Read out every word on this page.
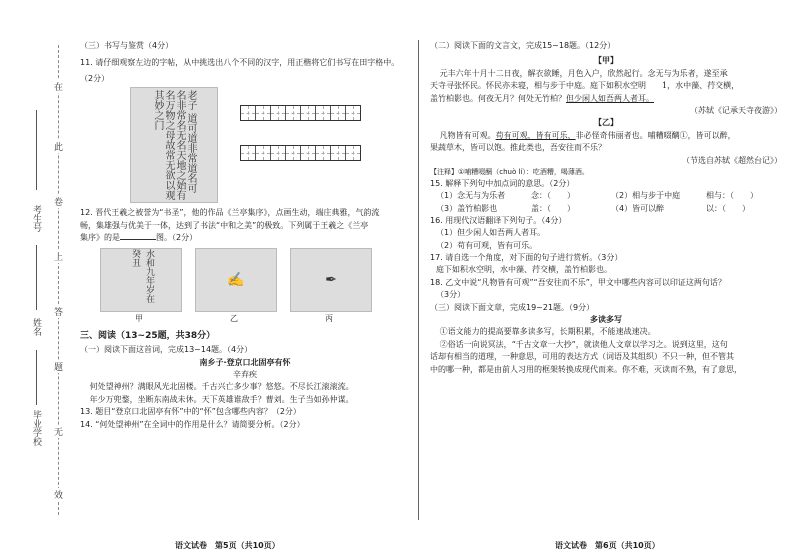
在
此
卷
上
答
题
无
效
考生号
姓名
毕业学校

（三）书写与鉴赏（4分）

11. 请仔细观察左边的字帖，从中挑选出八个不同的汉字，用正楷将它们书写在田字格中。

（2分）

老子 道可道非常道名可名非常名无名天地之始有名万物之母故常无欲以观其妙之门

12. 晋代王羲之被誉为“书圣”，他的作品《兰亭集序》，点画生动，端庄典雅，气韵流

畅，集雄强与优美于一体，达到了书法“中和之美”的极致。下列属于王羲之《兰亭

集序》的是	图。（2分）

水和九年岁在癸丑
✍	✒
甲	乙	丙

三、阅读（13~25题，共38分）

（一）阅读下面这首词，完成13~14题。（4分）

南乡子·登京口北固亭有怀

辛弃疾

何处望神州？满眼风光北固楼。千古兴亡多少事？悠悠。不尽长江滚滚流。

年少万兜鍪，坐断东南战未休。天下英雄谁敌手？曹刘。生子当如孙仲谋。

13. 题目“登京口北固亭有怀”中的“怀”包含哪些内容？（2分）

14. “何处望神州”在全词中的作用是什么？请简要分析。（2分）

语文试卷　第5页（共10页）

（二）阅读下面的文言文，完成15~18题。（12分）

【甲】

元丰六年十月十二日夜，解衣欲睡，月色入户，欣然起行。念无与为乐者，遂至承

天寺寻张怀民。怀民亦未寝，相与步于中庭。庭下如积水空明　　1，水中藻、荇交横，

盖竹柏影也。何夜无月？何处无竹柏？但少闲人如吾两人者耳。

（苏轼《记承天寺夜游》）

【乙】

凡物皆有可观。苟有可观，皆有可乐，非必怪奇伟丽者也。哺糟啜醨①，皆可以醉，

果蔬草木，皆可以饱。推此类也，吾安往而不乐？

（节选自苏轼《超然台记》）

【注释】①哺糟啜醨（chuò lí）：吃酒糟，喝薄酒。

15. 解释下列句中加点词的意思。（2分）

（1）念无与为乐者	念：（　　）	（2）相与步于中庭	相与：（　　）
（3）盖竹柏影也	盖：（　　）	（4）皆可以醉	以：（　　）

16. 用现代汉语翻译下列句子。（4分）

（1）但少闲人如吾两人者耳。

（2）苟有可观，皆有可乐。

17. 请自选一个角度，对下面的句子进行赏析。（3分）

庭下如积水空明，水中藻、荇交横，盖竹柏影也。

18. 乙文中说“凡物皆有可观”“吾安往而不乐”，甲文中哪些内容可以印证这两句话？

（3分）

（三）阅读下面文章，完成19~21题。（9分）

多读多写

①语文能力的提高要靠多读多写，长期积累，不能速战速决。

②俗话一向说冥法，“千古文章一大抄”，就读他人文章以学习之。说到这里，这句

话却有相当的道理，一种意思，可用的表达方式（词语及其组织）不只一种，但不管其

中的哪一种，都是由前人习用的框架转换成现代而来。你不难，灭读而不熟，有了意思，

语文试卷　第6页（共10页）
